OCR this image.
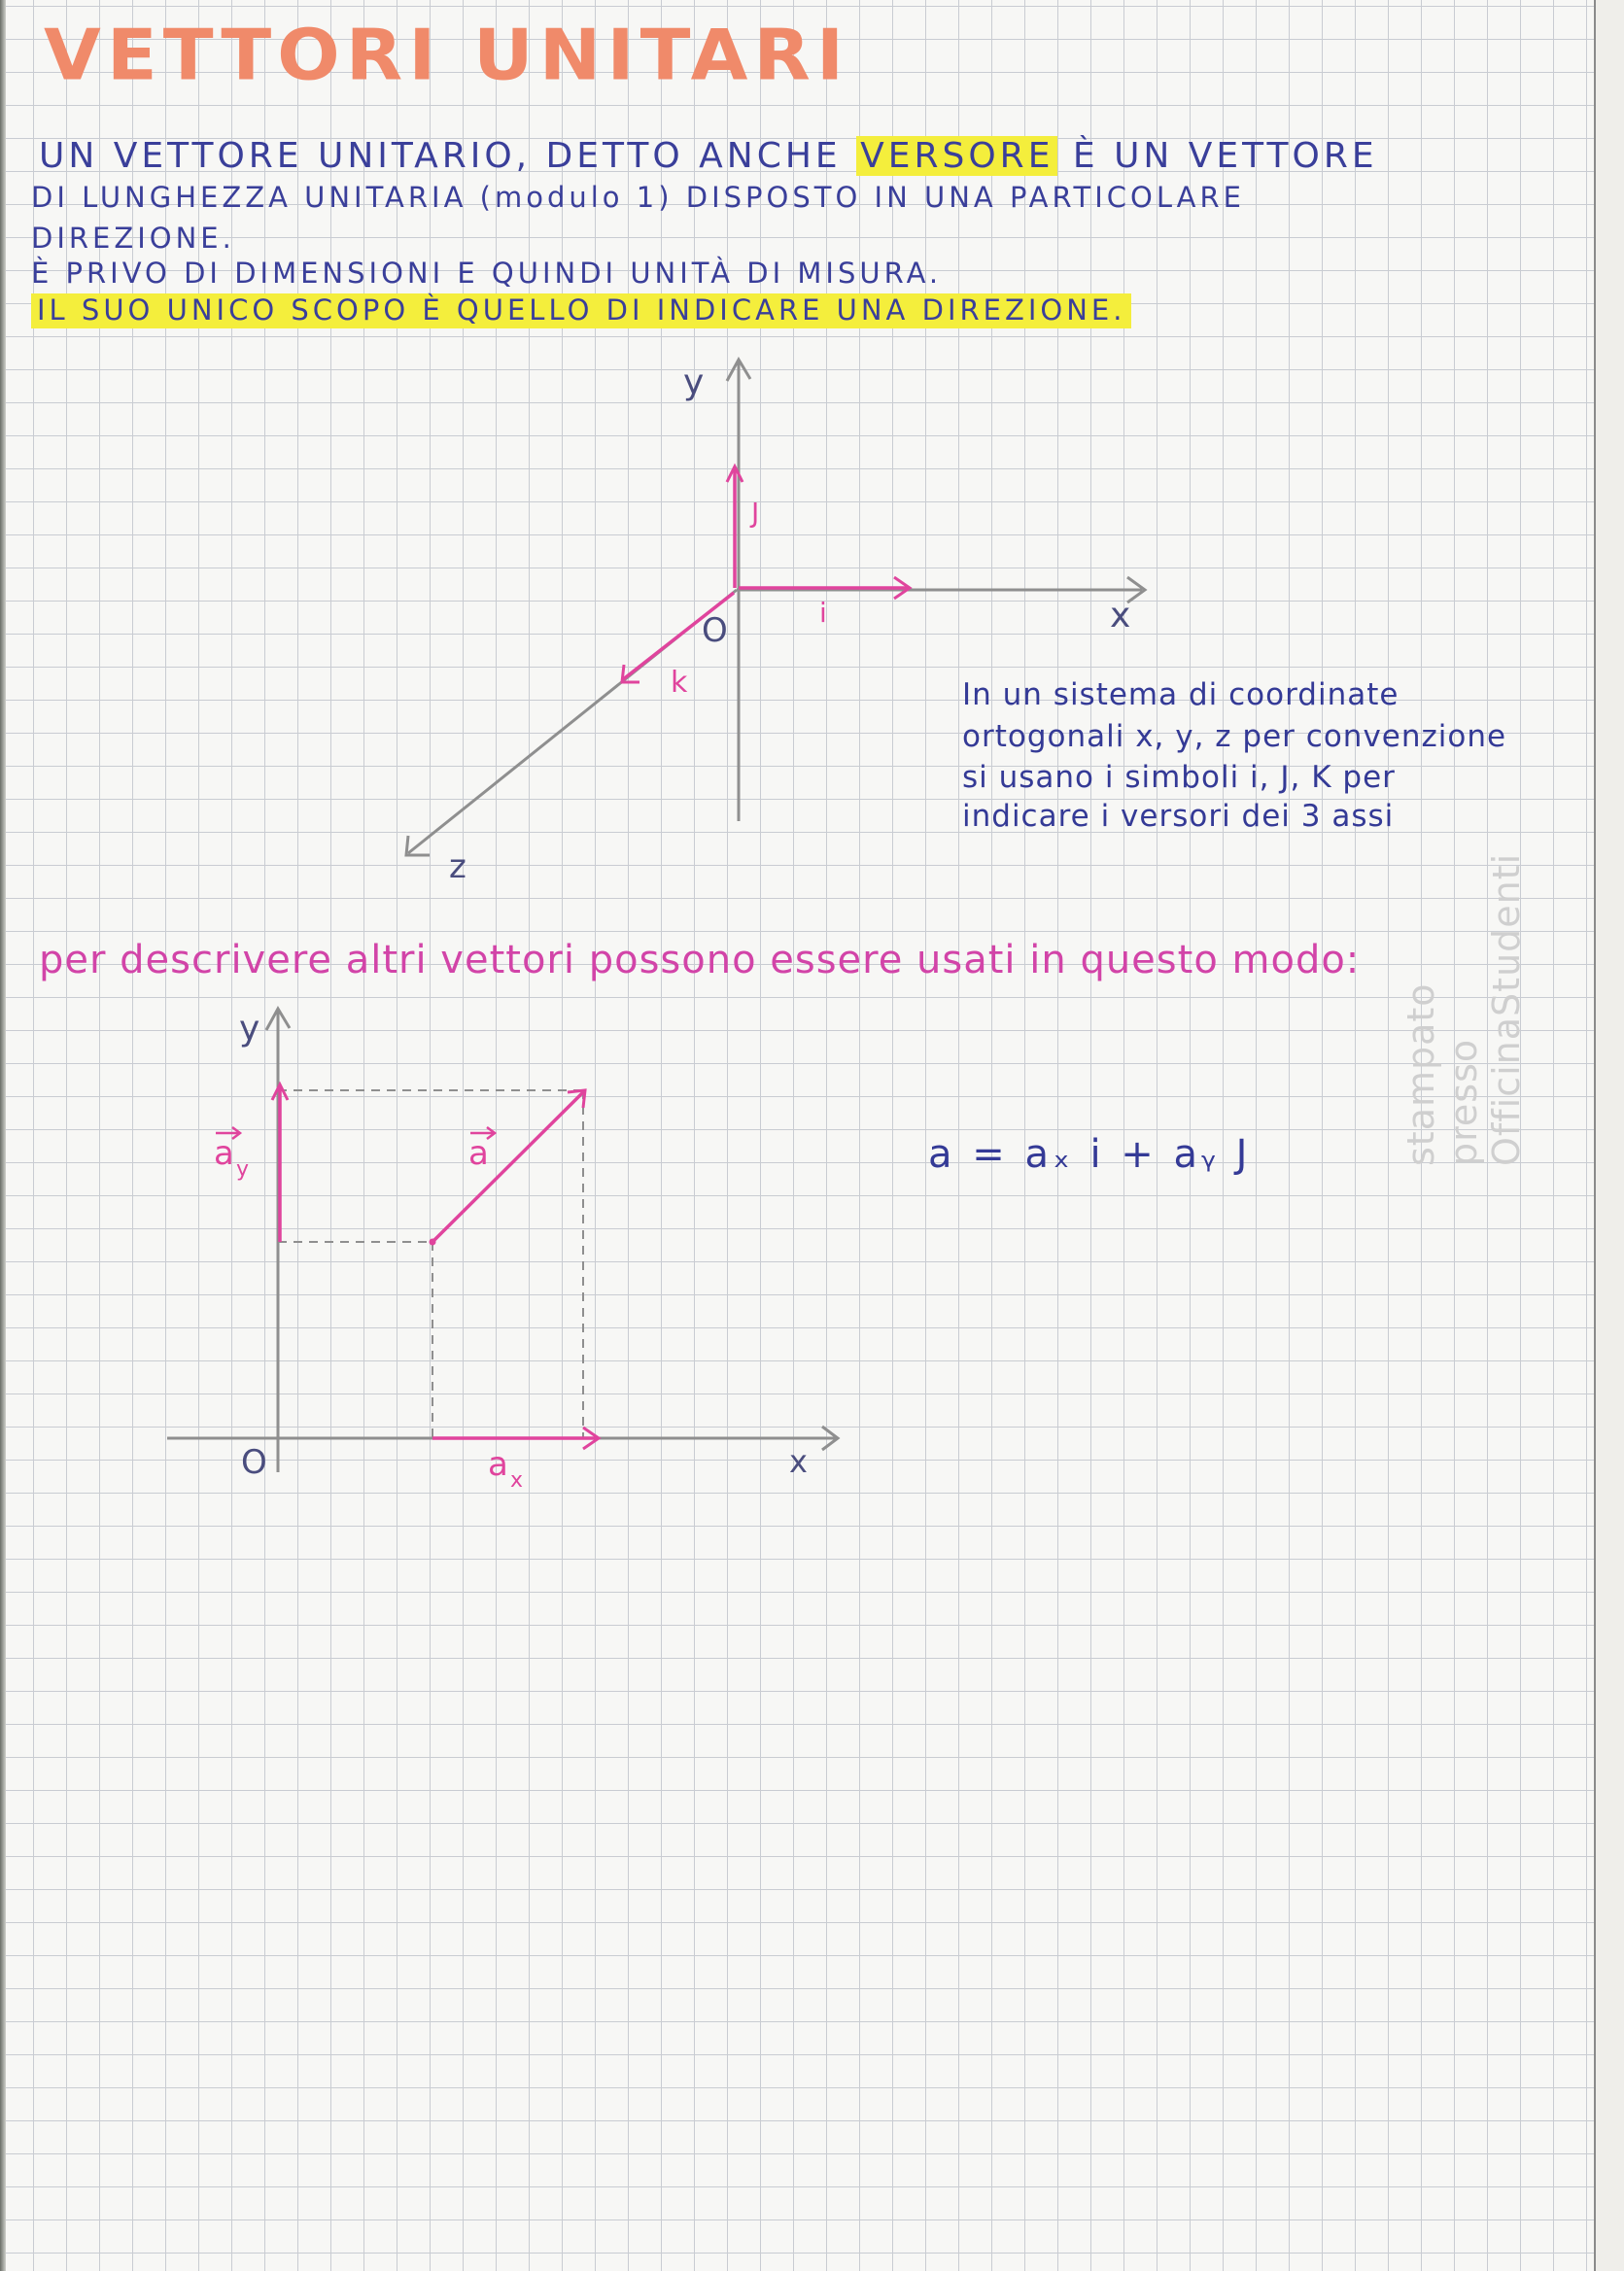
VETTORI UNITARI
UN VETTORE UNITARIO, DETTO ANCHE VERSORE È UN VETTORE
DI LUNGHEZZA UNITARIA (modulo 1) DISPOSTO IN UNA PARTICOLARE
DIREZIONE.
È PRIVO DI DIMENSIONI E QUINDI UNITÀ DI MISURA.
IL SUO UNICO SCOPO È QUELLO DI INDICARE UNA DIREZIONE.
y
x
z
O	i
J
k
y
x
O
a
a y
a x
In un sistema di coordinate
ortogonali x, y, z per convenzione
si usano i simboli i, J, K per
indicare i versori dei 3 assi
per descrivere altri vettori possono essere usati in questo modo:
a = aₓ i + aᵧ J	stampato presso OfficinaStudenti
